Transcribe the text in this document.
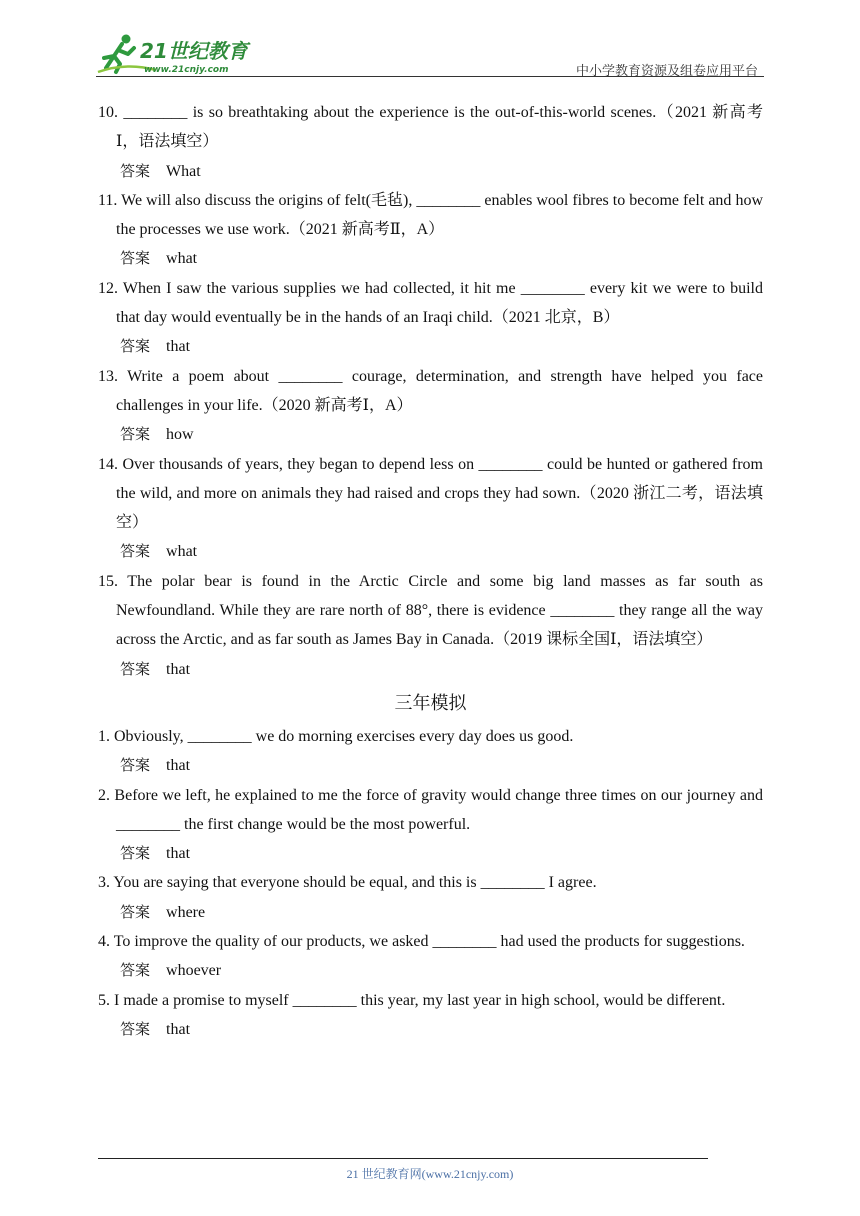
21世纪教育
www.21cnjy.com	中小学教育资源及组卷应用平台

10. ________ is so breathtaking about the experience is the out-of-this-world scenes.（2021 新高考Ⅰ，语法填空）

答案 What

11. We will also discuss the origins of felt(毛毡), ________ enables wool fibres to become felt and how the processes we use work.（2021 新高考Ⅱ，A）

答案 what

12. When I saw the various supplies we had collected, it hit me ________ every kit we were to build that day would eventually be in the hands of an Iraqi child.（2021 北京，B）

答案 that

13. Write a poem about ________ courage, determination, and strength have helped you face challenges in your life.（2020 新高考Ⅰ，A）

答案 how

14. Over thousands of years, they began to depend less on ________ could be hunted or gathered from the wild, and more on animals they had raised and crops they had sown.（2020 浙江二考，语法填空）

答案 what

15. The polar bear is found in the Arctic Circle and some big land masses as far south as Newfoundland. While they are rare north of 88°, there is evidence ________ they range all the way across the Arctic, and as far south as James Bay in Canada.（2019 课标全国Ⅰ，语法填空）

答案 that

三年模拟

1. Obviously, ________ we do morning exercises every day does us good.

答案 that

2. Before we left, he explained to me the force of gravity would change three times on our journey and ________ the first change would be the most powerful.

答案 that

3. You are saying that everyone should be equal, and this is ________ I agree.

答案 where

4. To improve the quality of our products, we asked ________ had used the products for suggestions.

答案 whoever

5. I made a promise to myself ________ this year, my last year in high school, would be different.

答案 that

21 世纪教育网(www.21cnjy.com)
